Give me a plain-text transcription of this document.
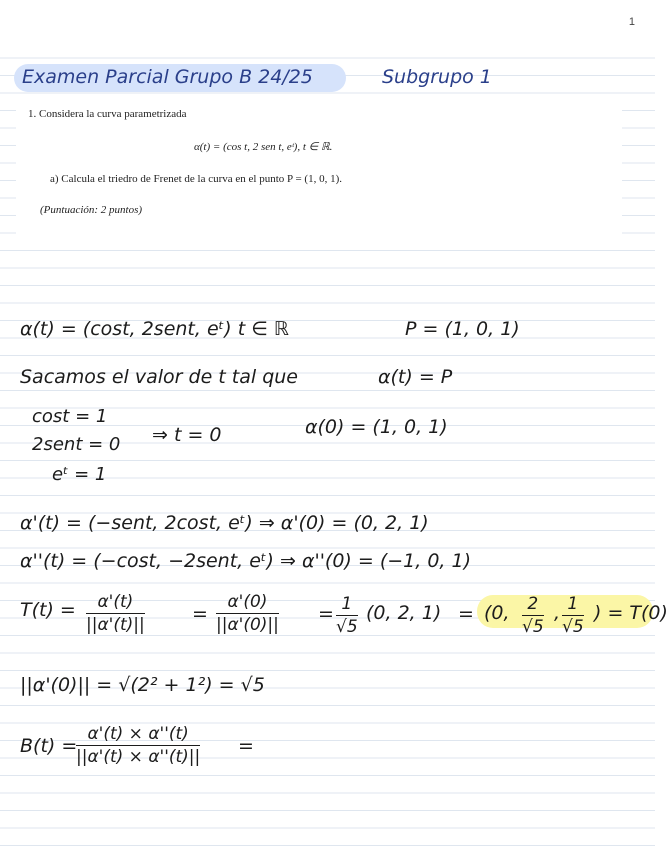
1
Examen Parcial Grupo B 24/25	Subgrupo 1
1. Considera la curva parametrizada
α(t) = (cos t, 2 sen t, eᵗ), t ∈ ℝ.
a) Calcula el triedro de Frenet de la curva en el punto P = (1, 0, 1).
(Puntuación: 2 puntos)
α(t) = (cost, 2sent, eᵗ) t ∈ ℝ	P = (1, 0, 1)
Sacamos el valor de t tal que	α(t) = P
cost = 1
2sent = 0 ⇒ t = 0	α(0) = (1, 0, 1)
eᵗ = 1
α'(t) = (−sent, 2cost, eᵗ) ⇒ α'(0) = (0, 2, 1)
α''(t) = (−cost, −2sent, eᵗ) ⇒ α''(0) = (−1, 0, 1)
$T(t) = \frac{\alpha'(t)}{||\alpha'(t)||} = \frac{\alpha'(0)}{||\alpha'(0)||} = \frac{1}{√5} (0$, 2, 1) = (0, $\frac{2}{√5}$ , $\frac{1}{√5}$ ) = T(0)
||α'(0)|| = √(2² + 1²) = √5
B(t) =
$\frac{\alpha'(t) \times \alpha''(t)}{||\alpha'(t) \times \alpha''(t)||}$ =
